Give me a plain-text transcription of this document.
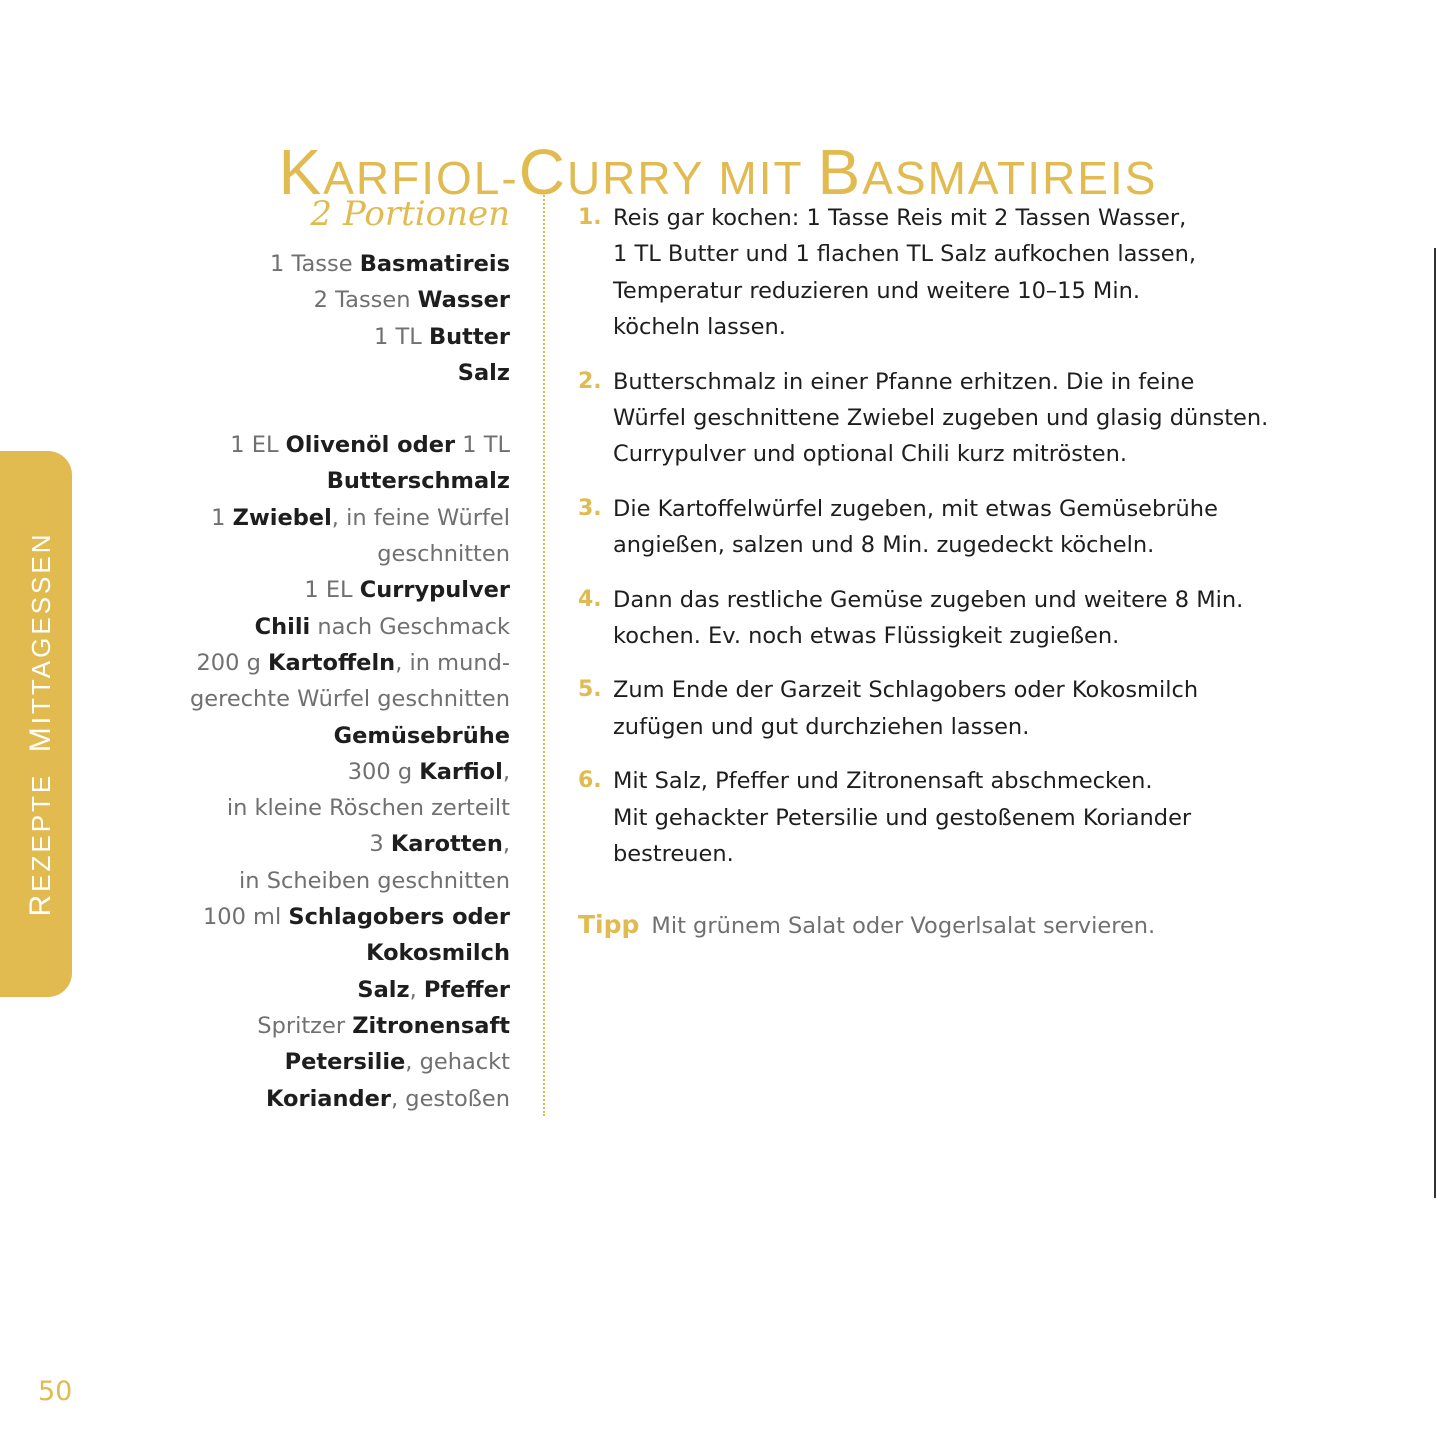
KARFIOL-CURRY MIT BASMATIREIS
REZEPTE  MITTAGESSEN
2 Portionen
1 Tasse Basmatireis
2 Tassen Wasser
1 TL Butter
Salz
1 EL Olivenöl oder 1 TL
Butterschmalz
1 Zwiebel, in feine Würfel
geschnitten
1 EL Currypulver
Chili nach Geschmack
200 g Kartoffeln, in mund-
gerechte Würfel geschnitten
Gemüsebrühe
300 g Karfiol,
in kleine Röschen zerteilt
3 Karotten,
in Scheiben geschnitten
100 ml Schlagobers oder
Kokosmilch
Salz, Pfeffer
Spritzer Zitronensaft
Petersilie, gehackt
Koriander, gestoßen
1. Reis gar kochen: 1 Tasse Reis mit 2 Tassen Wasser,
1 TL Butter und 1 flachen TL Salz aufkochen lassen,
Temperatur reduzieren und weitere 10–15 Min.
köcheln lassen.
2. Butterschmalz in einer Pfanne erhitzen. Die in feine
Würfel geschnittene Zwiebel zugeben und glasig dünsten.
Currypulver und optional Chili kurz mitrösten.
3. Die Kartoffelwürfel zugeben, mit etwas Gemüsebrühe
angießen, salzen und 8 Min. zugedeckt köcheln.
4. Dann das restliche Gemüse zugeben und weitere 8 Min.
kochen. Ev. noch etwas Flüssigkeit zugießen.
5. Zum Ende der Garzeit Schlagobers oder Kokosmilch
zufügen und gut durchziehen lassen.
6. Mit Salz, Pfeffer und Zitronensaft abschmecken.
Mit gehackter Petersilie und gestoßenem Koriander
bestreuen.
Tipp Mit grünem Salat oder Vogerlsalat servieren.
50
